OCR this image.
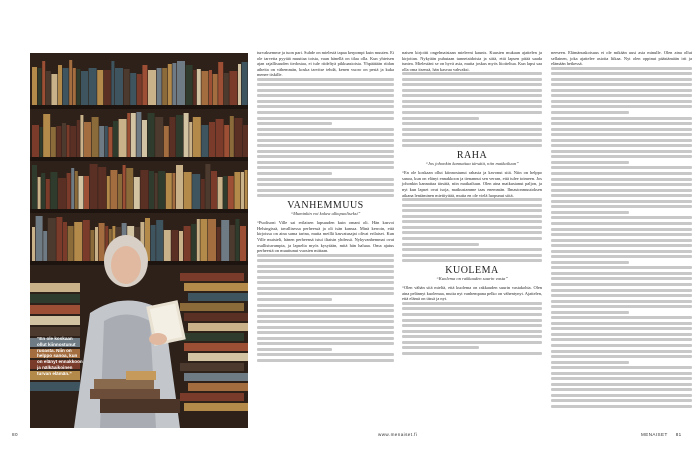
“En ole koskaan ollut kiinnostunut ruoasta. Niin on helppo sanoa, kun on elänyt ennakkoon ja nälkäaikoinen turvan elämän.”

turvaksemme ja tuon pari. Suhde on mielestä tapaa kerpompi kuin muuten. Ei ole tarvetta pyytää muuttaa toista, vaan hänellä on tilaa olla. Kun yhteisen ajan rajallisuuden tiedostaa, ei tule riideltyä pikkuasioista. Yhpäätään riidan aiheita on vähemmän, koska tarvitse tehdä, kenen vuoro on pestä ja kuka menee tiskille.

VANHEMMUUS
“Muminkin voi kokea ulkopuoliseksi”

“Puolisoni Ville sai erilaisen lapsuuden kuin omani oli. Hän kasvoi Helsingissä, tavallisessa perheessä ja oli isän kanssa. Minä kerroin, että kirjoissa on aina sama tarina, mutta meillä kasvatusajat olivat erilaiset. Kun Ville muisteli, hänen perheensä istui iltaisin yhdessä. Nykyvanhemmat ovat osallistuvampia, ja lapselta myös kysytään, mitä hän haluaa. Oma ajatus perheestä on muuttunut vuosien mittaan.

naisen kirjoitti ongelmaistaan mieleeni kaunis. Kuusien mukaan ajattelen ja kirjoitan. Nykyään puhutaan tunnetaidoista ja siitä, että lapsen pitää saada tuntea. Mielestäni se on hyvä asia, mutta joskus myös liioiteltua. Kun lapsi saa olla oma itsensä, hän kasvaa vahvaksi.

RAHA
“Jos johonkin kannattaa tärsätä, niin matkailuun”

“En ole koskaan ollut kiinnostunut rahasta ja kavonut sitä. Niin on helppo sanoa, kun on elänyt ennakkoon ja tienannut sen verran, että tulee toimeen. Jos johonkin kannattaa tärsätä, niin matkailuun. Olen aina matkustanut paljon, ja nyt kun lapset ovat isoja, matkustamme taas enemmän. Ilmastonmuutoksen aikana lentäminen mietityttää, mutta en ole vielä luopunut siitä.

KUOLEMA
“Kuolema on rakkauden suurin vasta”

“Olen vähän sitä mieltä, että kuolema on rakkauden suurin vastakohta. Olen aina pelännyt kuolemaa, mutta nyt vanhempana pelko on vähentynyt. Ajattelen, että elämä on tässä ja nyt.

neeseen. Elämänuskoisuus ei ole mikään uusi asia minulle. Olen aina ollut sellainen, joka ajattelee asioita liikaa. Nyt olen oppinut päästämään irti ja elämään hetkessä.

80	www.menaiset.fi	MENAISET 81
